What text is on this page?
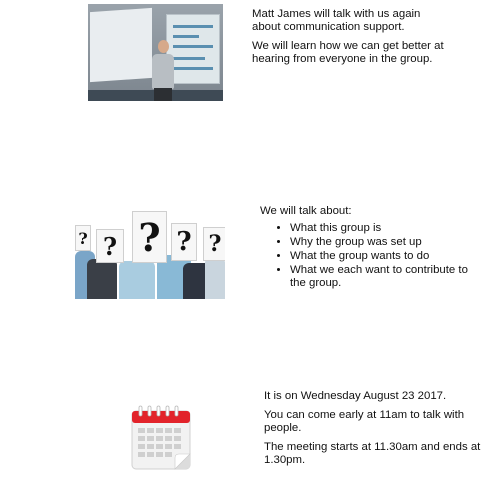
Matt James will talk with us again about communication support.

We will learn how we can get better at hearing from everyone in the group.

? ? ? ? ?

We will talk about:

• What this group is
• Why the group was set up
• What the group wants to do
• What we each want to contribute to the group.

It is on Wednesday August 23 2017.

You can come early at 11am to talk with people.

The meeting starts at 11.30am and ends at 1.30pm.
